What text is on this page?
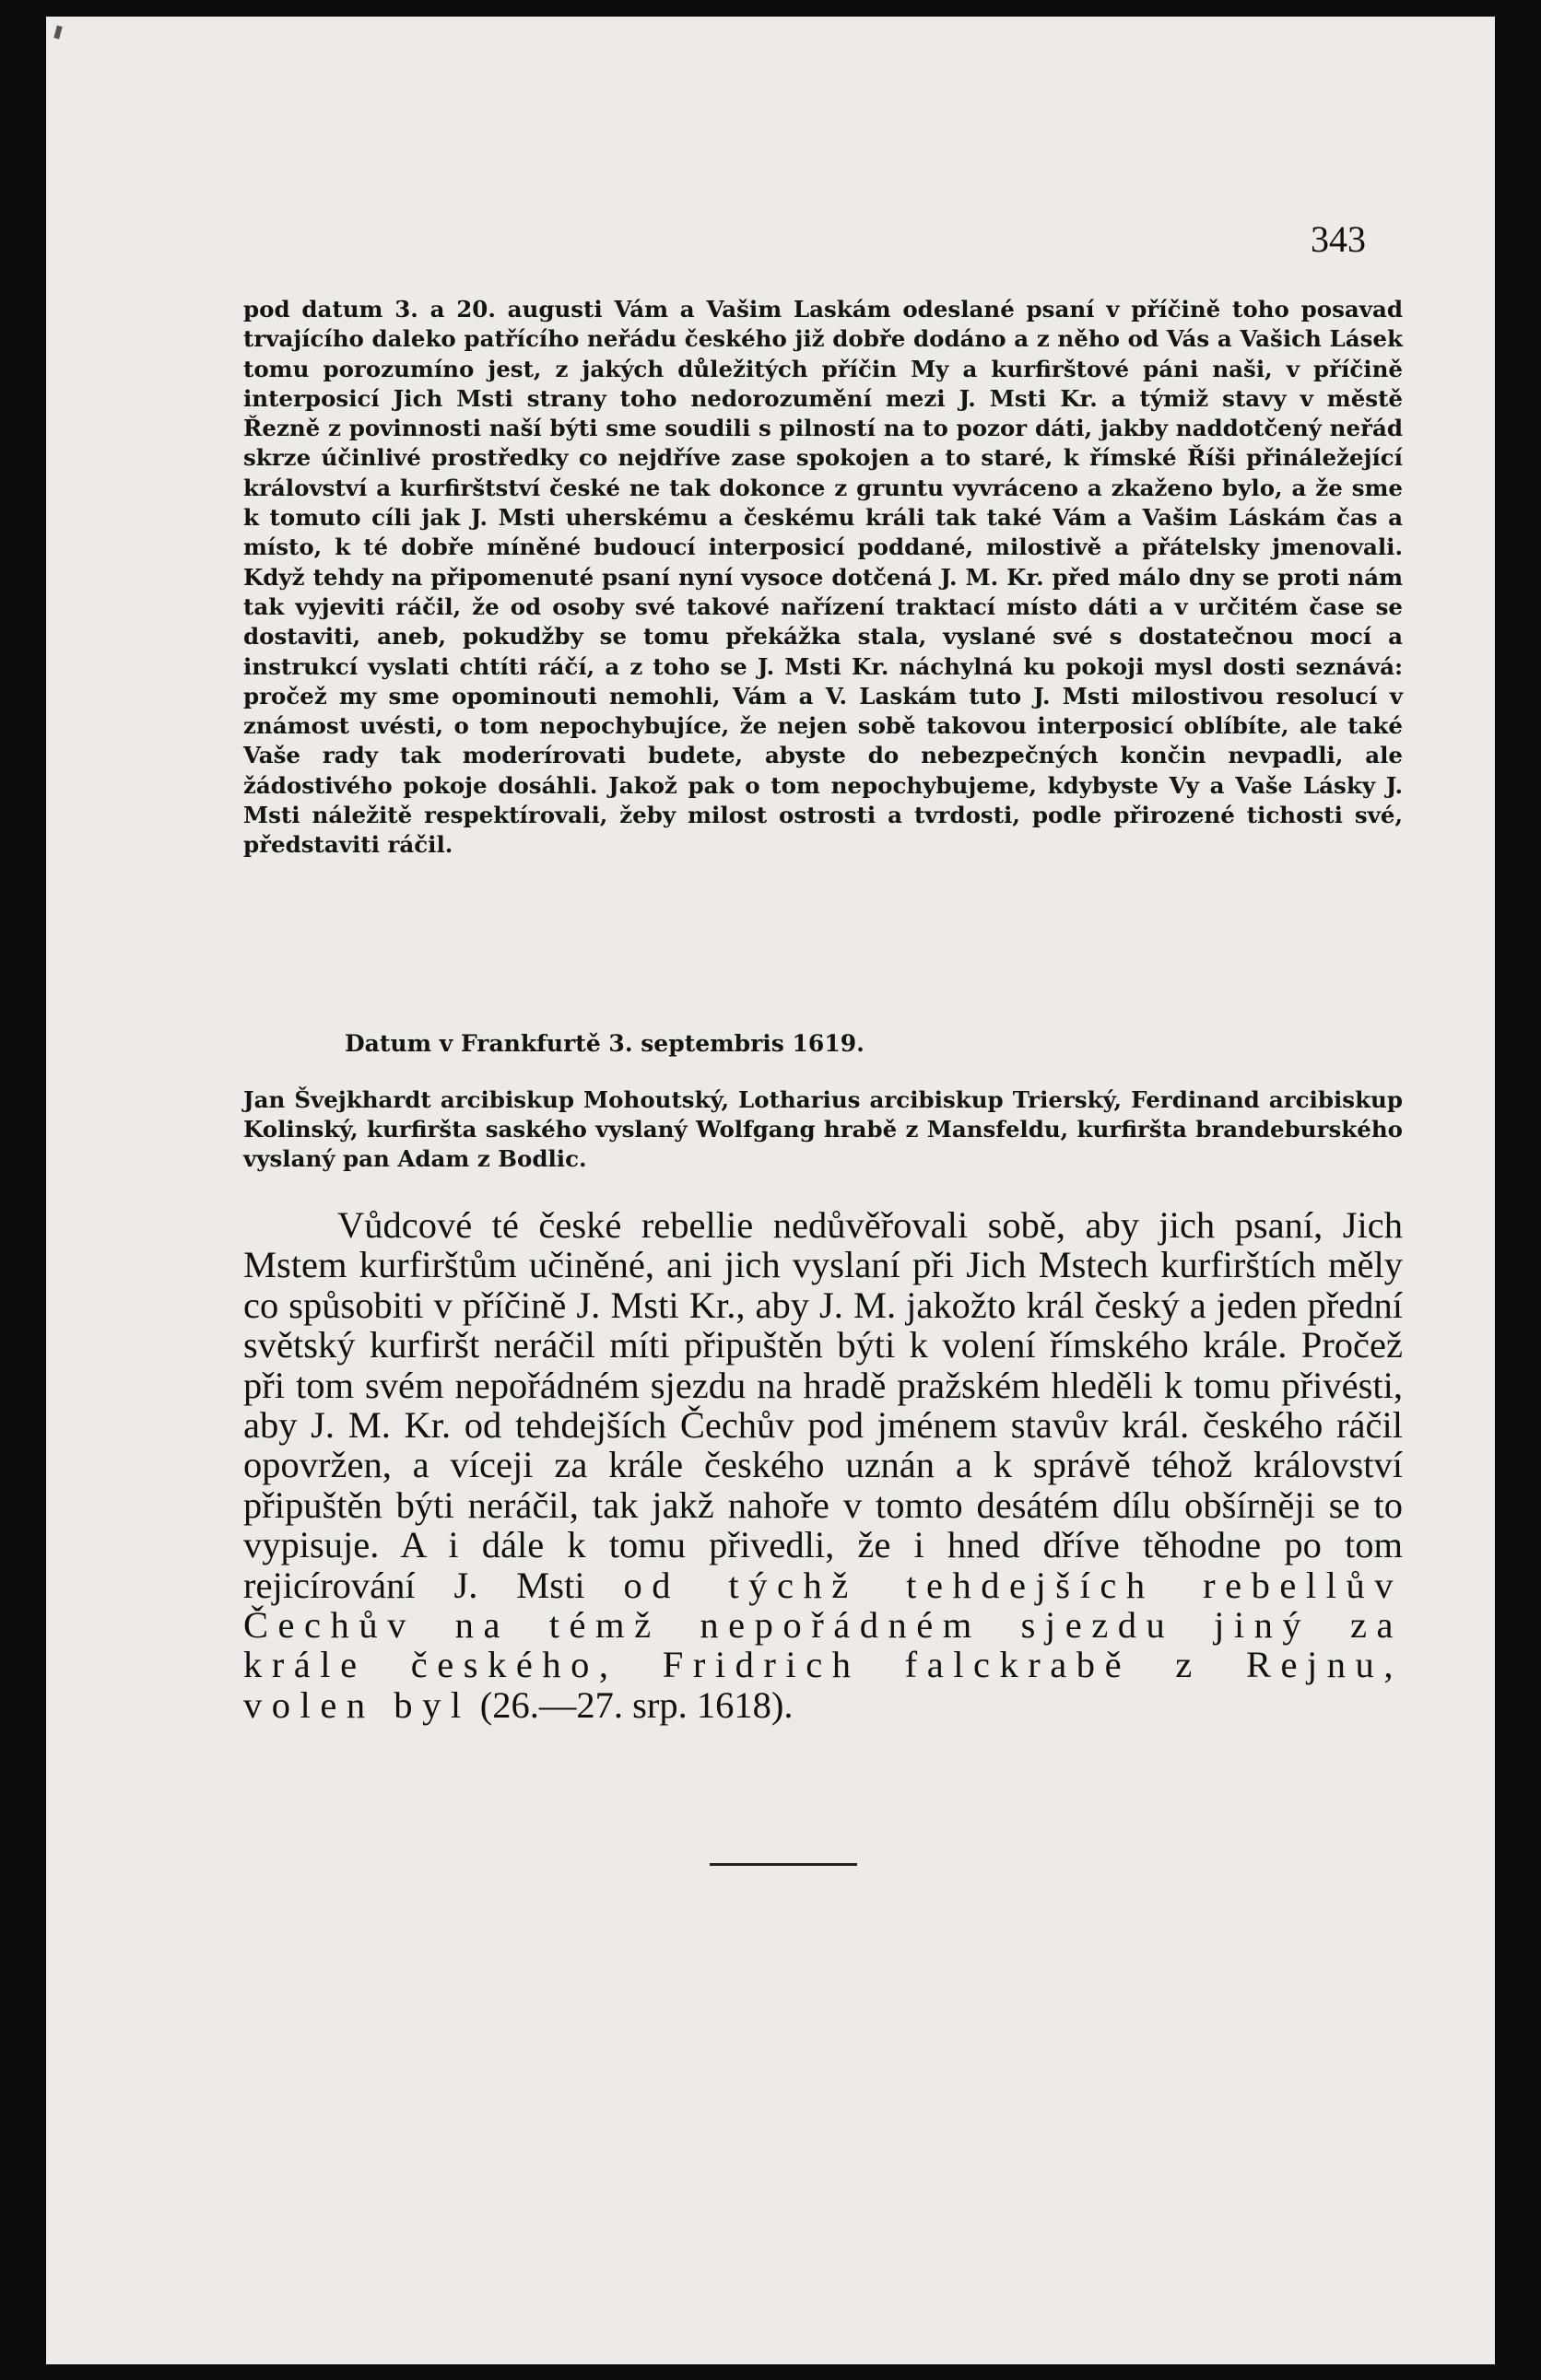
343

pod datum 3. a 20. augusti Vám a Vašim Laskám odeslané psaní v příčině toho posavad trvajícího daleko patřícího neřádu českého již dobře dodáno a z něho od Vás a Vašich Lásek tomu porozumíno jest, z jakých důležitých příčin My a kurfirštové páni naši, v příčině interposicí Jich Msti strany toho nedorozumění mezi J. Msti Kr. a týmiž stavy v městě Řezně z povinnosti naší býti sme soudili s pilností na to pozor dáti, jakby naddotčený neřád skrze účinlivé prostředky co nejdříve zase spokojen a to staré, k římské Říši přináležející království a kurfirštství české ne tak dokonce z gruntu vyvráceno a zkaženo bylo, a že sme k tomuto cíli jak J. Msti uherskému a českému králi tak také Vám a Vašim Láskám čas a místo, k té dobře míněné budoucí interposicí poddané, milostivě a přátelsky jmenovali. Když tehdy na připomenuté psaní nyní vysoce dotčená J. M. Kr. před málo dny se proti nám tak vyjeviti ráčil, že od osoby své takové nařízení traktací místo dáti a v určitém čase se dostaviti, aneb, pokudžby se tomu překážka stala, vyslané své s dostatečnou mocí a instrukcí vyslati chtíti ráčí, a z toho se J. Msti Kr. náchylná ku pokoji mysl dosti seznává: pročež my sme opominouti nemohli, Vám a V. Laskám tuto J. Msti milostivou resolucí v známost uvésti, o tom nepochybujíce, že nejen sobě takovou interposicí oblíbíte, ale také Vaše rady tak moderírovati budete, abyste do nebezpečných končin nevpadli, ale žádostivého pokoje dosáhli. Jakož pak o tom nepochybujeme, kdybyste Vy a Vaše Lásky J. Msti náležitě respektírovali, žeby milost ostrosti a tvrdosti, podle přirozené tichosti své, představiti ráčil.

Datum v Frankfurtě 3. septembris 1619.

Jan Švejkhardt arcibiskup Mohoutský, Lotharius arcibiskup Trierský, Ferdinand arcibiskup Kolinský, kurfiršta saského vyslaný Wolfgang hrabě z Mansfeldu, kurfiršta brandeburského vyslaný pan Adam z Bodlic.

Vůdcové té české rebellie nedůvěřovali sobě, aby jich psaní, Jich Mstem kurfirštům učiněné, ani jich vyslaní při Jich Mstech kurfirštích měly co spůsobiti v příčině J. Msti Kr., aby J. M. jakožto král český a jeden přední světský kurfiršt neráčil míti připuštěn býti k volení římského krále. Pročež při tom svém nepořádném sjezdu na hradě pražském hleděli k tomu přivésti, aby J. M. Kr. od tehdejších Čechův pod jménem stavův král. českého ráčil opovržen, a víceji za krále českého uznán a k správě téhož království připuštěn býti neráčil, tak jakž nahoře v tomto desátém dílu obšírněji se to vypisuje. A i dále k tomu přivedli, že i hned dříve těhodne po tom rejicírování J. Msti od týchž tehdejších rebellův Čechův na témž nepořádném sjezdu jiný za krále českého, Fridrich falckrabě z Rejnu, volen byl (26.—27. srp. 1618).
